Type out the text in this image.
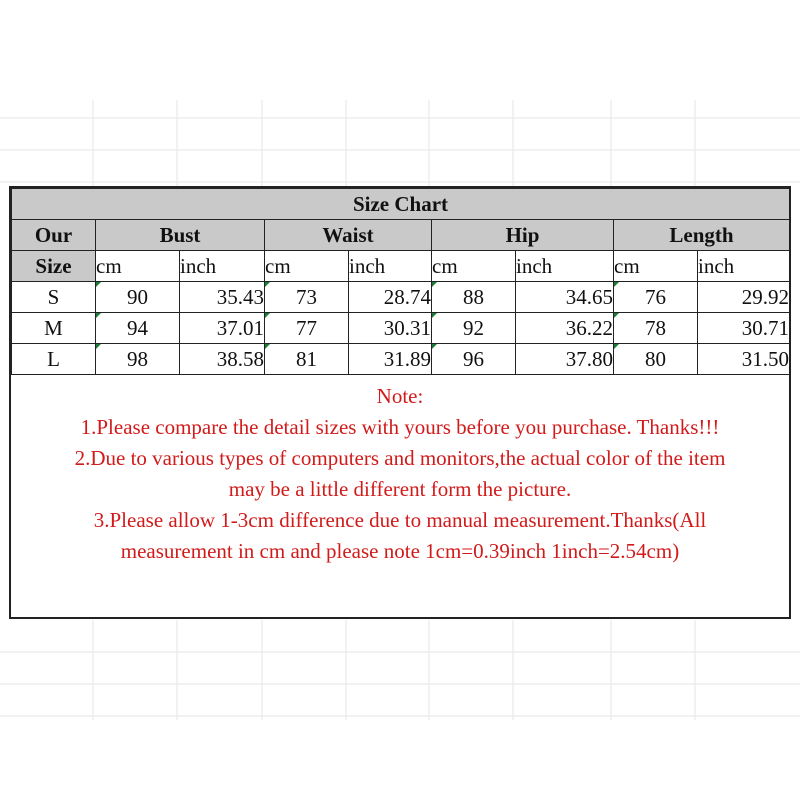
Size Chart								
Our	Bust		Waist		Hip		Length	
Size	cm	inch	cm	inch	cm	inch	cm	inch
S	90	35.43	73	28.74	88	34.65	76	29.92
M	94	37.01	77	30.31	92	36.22	78	30.71
L	98	38.58	81	31.89	96	37.80	80	31.50
Note:
1.Please compare the detail sizes with yours before you purchase. Thanks!!!
2.Due to various types of computers and monitors,the actual color of the item
may be a little different form the picture.
3.Please allow 1-3cm difference due to manual measurement.Thanks(All
measurement in cm and please note 1cm=0.39inch 1inch=2.54cm)
